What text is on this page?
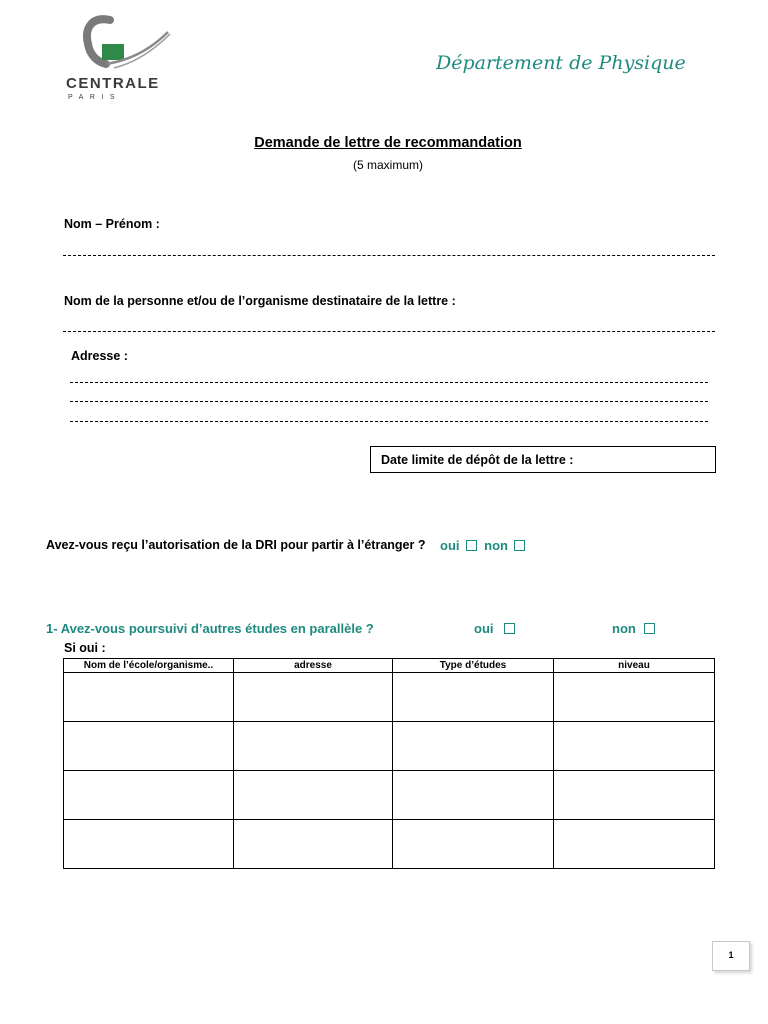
CENTRALE
PARIS
Département de Physique
Demande de lettre de recommandation
(5 maximum)
Nom – Prénom :
Nom de la personne et/ou de l’organisme destinataire de la lettre :
Adresse :
Date limite de dépôt de la lettre :
Avez-vous reçu l’autorisation de la DRI pour partir à l’étranger ? oui non
1- Avez-vous poursuivi d’autres études en parallèle ?	oui	non
Si oui :
Nom de l’école/organisme..	adresse	Type d’études	niveau

1
